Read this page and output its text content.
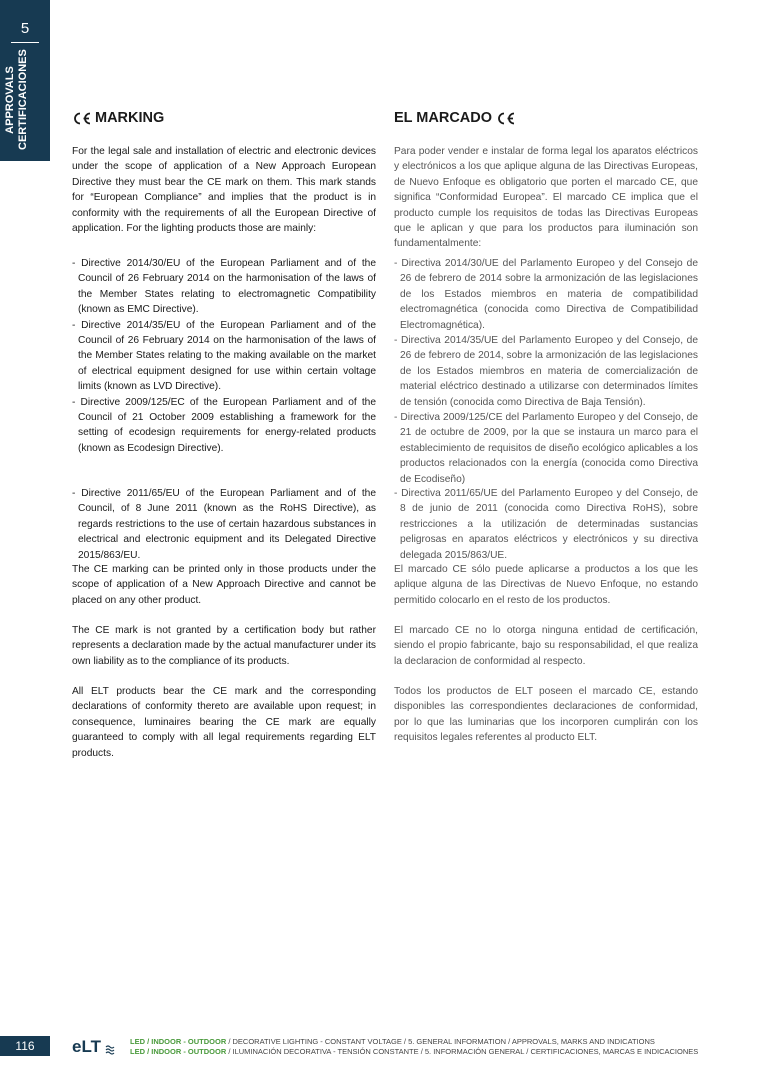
5
APPROVALS CERTIFICACIONES	MARKING

For the legal sale and installation of electric and electronic devices under the scope of application of a New Approach European Directive they must bear the CE mark on them. This mark stands for “European Compliance” and implies that the product is in conformity with the requirements of all the European Directive of application. For the lighting products those are mainly:

- Directive 2014/30/EU of the European Parliament and of the Council of 26 February 2014 on the harmonisation of the laws of the Member States relating to electromagnetic Compatibility (known as EMC Directive).
- Directive 2014/35/EU of the European Parliament and of the Council of 26 February 2014 on the harmonisation of the laws of the Member States relating to the making available on the market of electrical equipment designed for use within certain voltage limits (known as LVD Directive).
- Directive 2009/125/EC of the European Parliament and of the Council of 21 October 2009 establishing a framework for the setting of ecodesign requirements for energy-related products (known as Ecodesign Directive).
- Directive 2011/65/EU of the European Parliament and of the Council, of 8 June 2011 (known as the RoHS Directive), as regards restrictions to the use of certain hazardous substances in electrical and electronic equipment and its Delegated Directive 2015/863/EU.

The CE marking can be printed only in those products under the scope of application of a New Approach Directive and cannot be placed on any other product.

The CE mark is not granted by a certification body but rather represents a declaration made by the actual manufacturer under its own liability as to the compliance of its products.

All ELT products bear the CE mark and the corresponding declarations of conformity thereto are available upon request; in consequence, luminaires bearing the CE mark are equally guaranteed to comply with all legal requirements regarding ELT products.

EL MARCADO

Para poder vender e instalar de forma legal los aparatos eléctricos y electrónicos a los que aplique alguna de las Directivas Europeas, de Nuevo Enfoque es obligatorio que porten el marcado CE, que significa “Conformidad Europea”. El marcado CE implica que el producto cumple los requisitos de todas las Directivas Europeas que le aplican y que para los productos para iluminación son fundamentalmente:

- Directiva 2014/30/UE del Parlamento Europeo y del Consejo de 26 de febrero de 2014 sobre la armonización de las legislaciones de los Estados miembros en materia de compatibilidad electromagnética (conocida como Directiva de Compatibilidad Electromagnética).
- Directiva 2014/35/UE del Parlamento Europeo y del Consejo, de 26 de febrero de 2014, sobre la armonización de las legislaciones de los Estados miembros en materia de comercialización de material eléctrico destinado a utilizarse con determinados límites de tensión (conocida como Directiva de Baja Tensión).
- Directiva 2009/125/CE del Parlamento Europeo y del Consejo, de 21 de octubre de 2009, por la que se instaura un marco para el establecimiento de requisitos de diseño ecológico aplicables a los productos relacionados con la energía (conocida como Directiva de Ecodiseño)
- Directiva 2011/65/UE del Parlamento Europeo y del Consejo, de 8 de junio de 2011 (conocida como Directiva RoHS), sobre restricciones a la utilización de determinadas sustancias peligrosas en aparatos eléctricos y electrónicos y su directiva delegada 2015/863/UE.

El marcado CE sólo puede aplicarse a productos a los que les aplique alguna de las Directivas de Nuevo Enfoque, no estando permitido colocarlo en el resto de los productos.

El marcado CE no lo otorga ninguna entidad de certificación, siendo el propio fabricante, bajo su responsabilidad, el que realiza la declaracion de conformidad al respecto.

Todos los productos de ELT poseen el marcado CE, estando disponibles las correspondientes declaraciones de conformidad, por lo que las luminarias que los incorporen cumplirán con los requisitos legales referentes al producto ELT.

116	eLT	LED / INDOOR - OUTDOOR / DECORATIVE LIGHTING - CONSTANT VOLTAGE / 5. GENERAL INFORMATION / APPROVALS, MARKS AND INDICATIONS
LED / INDOOR - OUTDOOR / ILUMINACIÓN DECORATIVA - TENSIÓN CONSTANTE / 5. INFORMACIÓN GENERAL / CERTIFICACIONES, MARCAS E INDICACIONES
